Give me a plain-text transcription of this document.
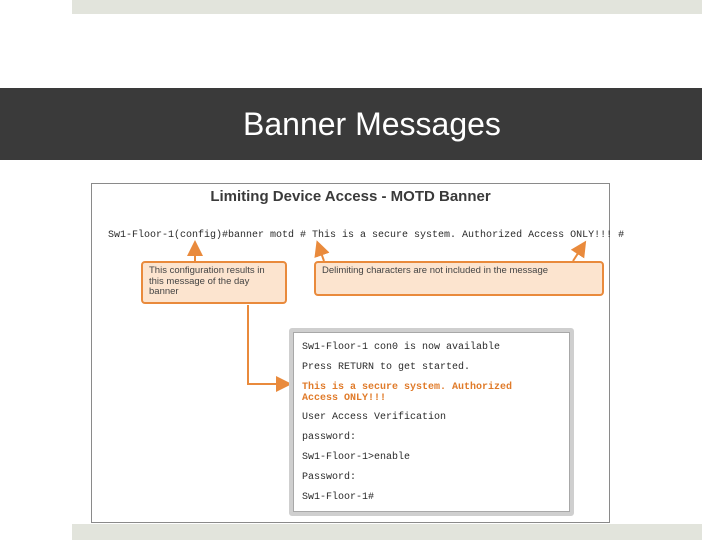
Banner Messages
Limiting Device Access - MOTD Banner
Sw1-Floor-1(config)#banner motd # This is a secure system. Authorized Access ONLY!!! #
This configuration results in this message of the day banner
Delimiting characters are not included in the message
Sw1-Floor-1 con0 is now available
Press RETURN to get started.
This is a secure system. Authorized
Access ONLY!!!
User Access Verification
password:
Sw1-Floor-1>enable
Password:
Sw1-Floor-1#
